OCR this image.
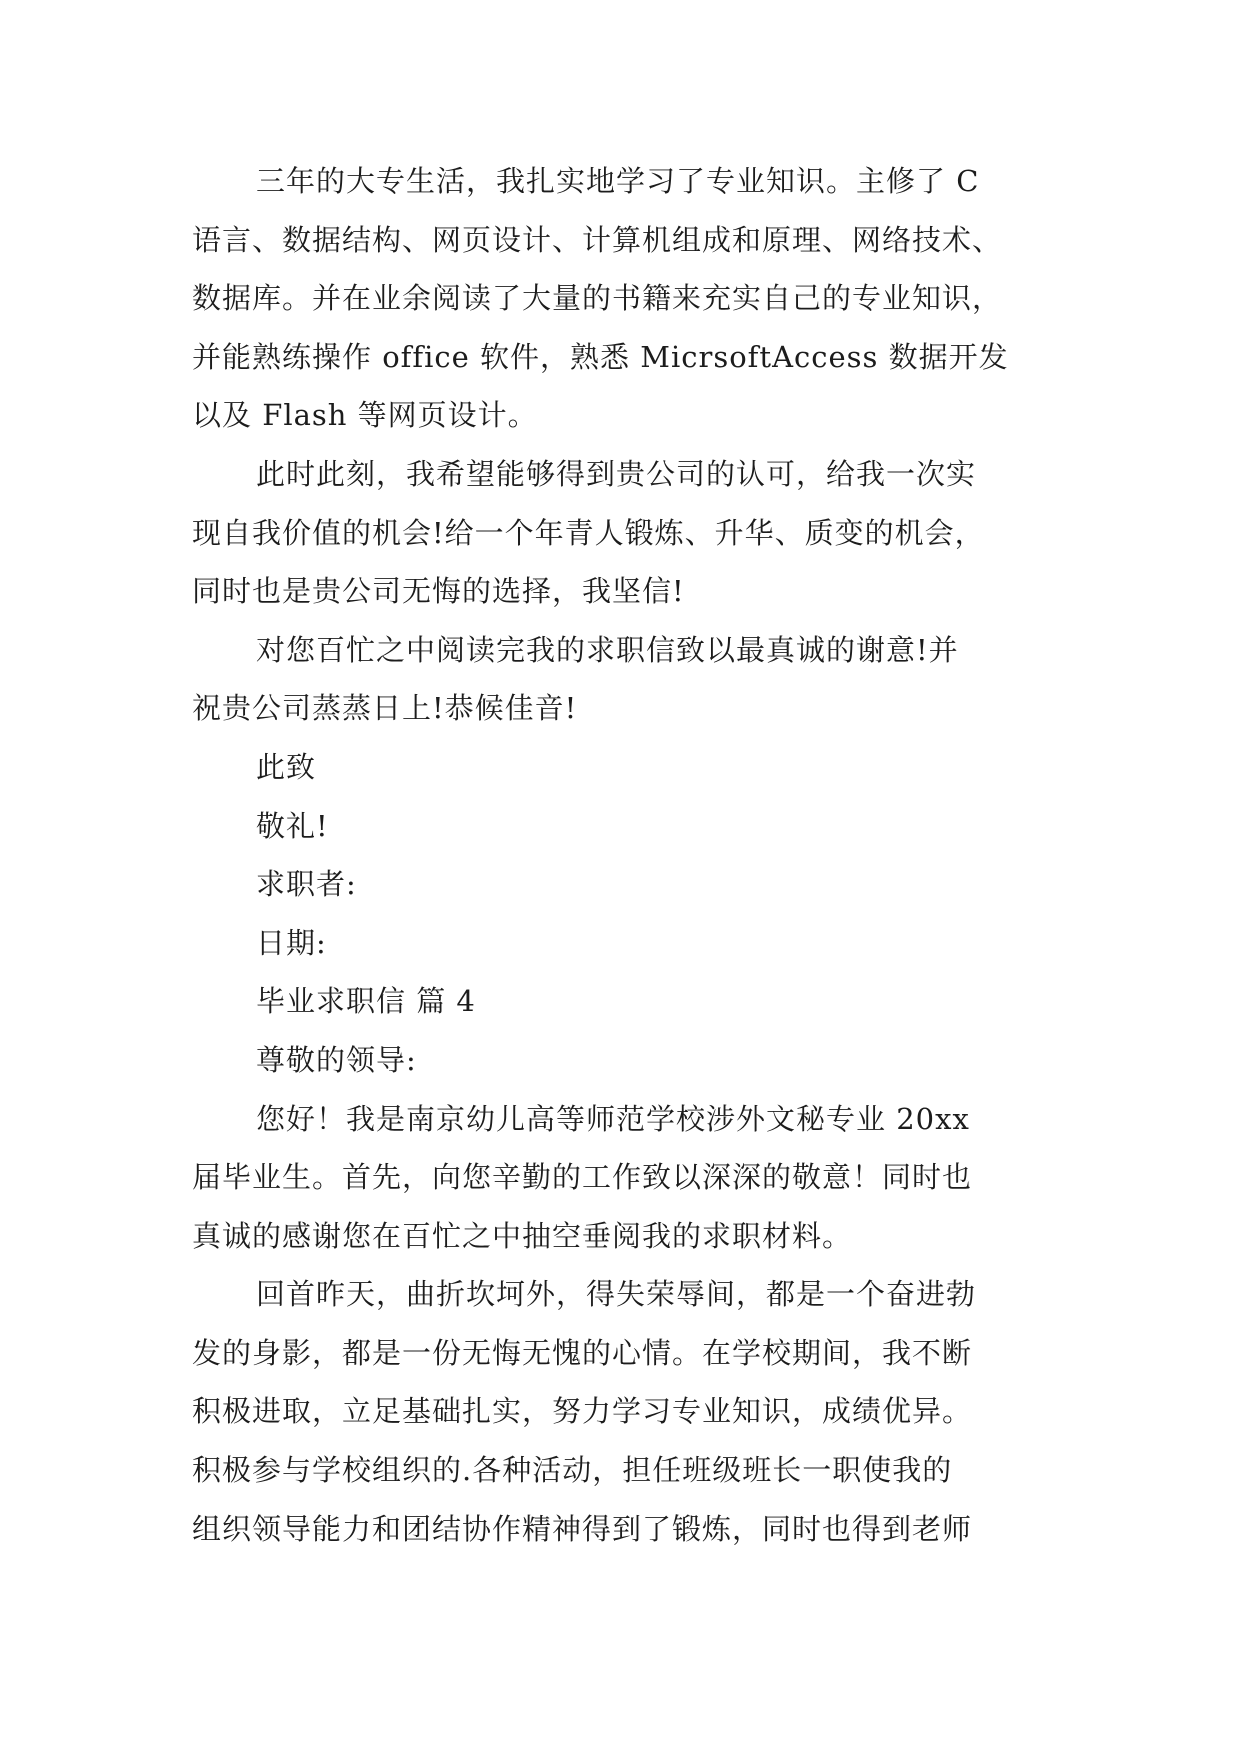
三年的大专生活，我扎实地学习了专业知识。主修了 C
语言、数据结构、网页设计、计算机组成和原理、网络技术、
数据库。并在业余阅读了大量的书籍来充实自己的专业知识，
并能熟练操作 office 软件，熟悉 MicrsoftAccess 数据开发
以及 Flash 等网页设计。
此时此刻，我希望能够得到贵公司的认可，给我一次实
现自我价值的机会!给一个年青人锻炼、升华、质变的机会，
同时也是贵公司无悔的选择，我坚信!
对您百忙之中阅读完我的求职信致以最真诚的谢意!并
祝贵公司蒸蒸日上!恭候佳音!
此致
敬礼!
求职者:
日期:
毕业求职信 篇 4
尊敬的领导:
您好！我是南京幼儿高等师范学校涉外文秘专业 20xx
届毕业生。首先，向您辛勤的工作致以深深的敬意！同时也
真诚的感谢您在百忙之中抽空垂阅我的求职材料。
回首昨天，曲折坎坷外，得失荣辱间，都是一个奋进勃
发的身影，都是一份无悔无愧的心情。在学校期间，我不断
积极进取，立足基础扎实，努力学习专业知识，成绩优异。
积极参与学校组织的.各种活动，担任班级班长一职使我的
组织领导能力和团结协作精神得到了锻炼，同时也得到老师
